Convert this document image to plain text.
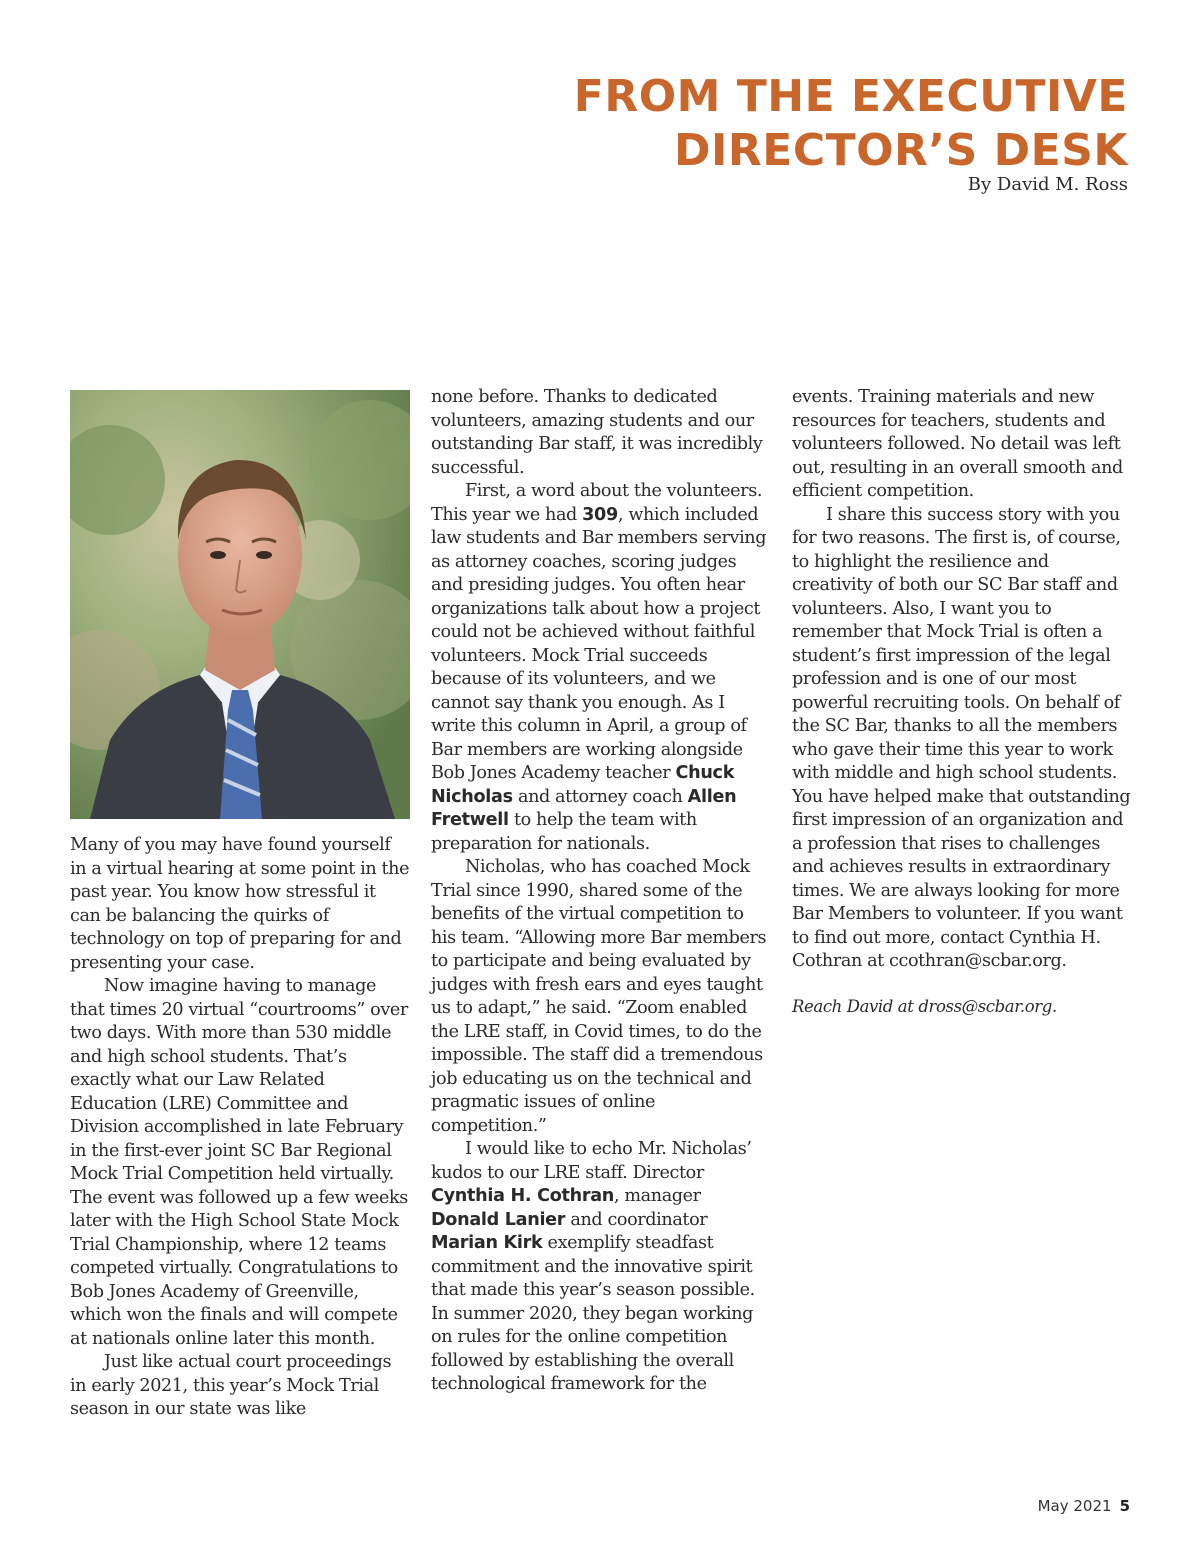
FROM THE EXECUTIVE
DIRECTOR’S DESK
By David M. Ross

Many of you may have found yourself in a virtual hearing at some point in the past year. You know how stressful it can be balancing the quirks of technology on top of preparing for and presenting your case.

Now imagine having to manage that times 20 virtual “courtrooms” over two days. With more than 530 middle and high school students. That’s exactly what our Law Related Education (LRE) Committee and Division accomplished in late February in the first-ever joint SC Bar Regional Mock Trial Competition held virtually. The event was followed up a few weeks later with the High School State Mock Trial Championship, where 12 teams competed virtually. Congratulations to Bob Jones Academy of Greenville, which won the finals and will compete at nationals online later this month.

Just like actual court proceedings in early 2021, this year’s Mock Trial season in our state was like

none before. Thanks to dedicated volunteers, amazing students and our outstanding Bar staff, it was incredibly successful.

First, a word about the volunteers. This year we had 309, which included law students and Bar members serving as attorney coaches, scoring judges and presiding judges. You often hear organizations talk about how a project could not be achieved without faithful volunteers. Mock Trial succeeds because of its volunteers, and we cannot say thank you enough. As I write this column in April, a group of Bar members are working alongside Bob Jones Academy teacher Chuck Nicholas and attorney coach Allen Fretwell to help the team with preparation for nationals.

Nicholas, who has coached Mock Trial since 1990, shared some of the benefits of the virtual competition to his team. “Allowing more Bar members to participate and being evaluated by judges with fresh ears and eyes taught us to adapt,” he said. “Zoom enabled the LRE staff, in Covid times, to do the impossible. The staff did a tremendous job educating us on the technical and pragmatic issues of online competition.”

I would like to echo Mr. Nicholas’ kudos to our LRE staff. Director Cynthia H. Cothran, manager Donald Lanier and coordinator Marian Kirk exemplify steadfast commitment and the innovative spirit that made this year’s season possible. In summer 2020, they began working on rules for the online competition followed by establishing the overall technological framework for the

events. Training materials and new resources for teachers, students and volunteers followed. No detail was left out, resulting in an overall smooth and efficient competition.

I share this success story with you for two reasons. The first is, of course, to highlight the resilience and creativity of both our SC Bar staff and volunteers. Also, I want you to remember that Mock Trial is often a student’s first impression of the legal profession and is one of our most powerful recruiting tools. On behalf of the SC Bar, thanks to all the members who gave their time this year to work with middle and high school students. You have helped make that outstanding first impression of an organization and a profession that rises to challenges and achieves results in extraordinary times. We are always looking for more Bar Members to volunteer. If you want to find out more, contact Cynthia H. Cothran at ccothran@scbar.org.

Reach David at dross@scbar.org.

May 2021 5
